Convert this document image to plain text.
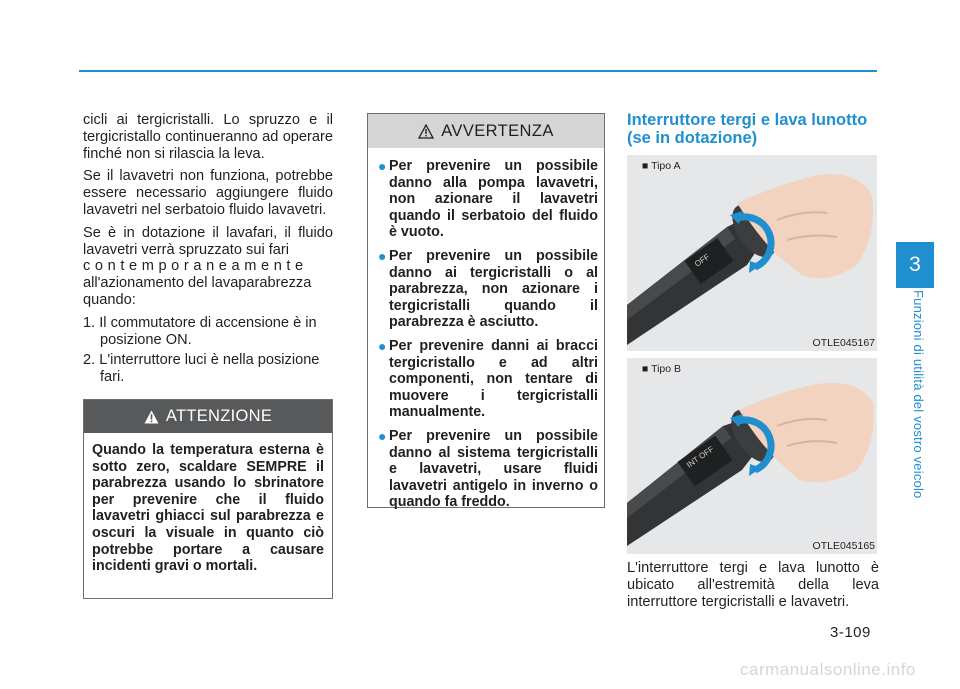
cicli ai tergicristalli. Lo spruzzo e il tergicristallo continueranno ad operare finché non si rilascia la leva.

Se il lavavetri non funziona, potrebbe essere necessario aggiungere fluido lavavetri nel serbatoio fluido lavavetri.

Se è in dotazione il lavafari, il fluido lavavetri verrà spruzzato sui fari

contemporaneamente

all'azionamento del lavaparabrezza quando:

1. Il commutatore di accensione è in posizione ON.
2. L'interruttore luci è nella posizione fari.
ATTENZIONE
Quando la temperatura esterna è sotto zero, scaldare SEMPRE il parabrezza usando lo sbrinatore per prevenire che il fluido lavavetri ghiacci sul parabrezza e oscuri la visuale in quanto ciò potrebbe portare a causare incidenti gravi o mortali.
AVVERTENZA
● Per prevenire un possibile danno alla pompa lavavetri, non azionare il lavavetri quando il serbatoio del fluido è vuoto.
● Per prevenire un possibile danno ai tergicristalli o al parabrezza, non azionare i tergicristalli quando il parabrezza è asciutto.
● Per prevenire danni ai bracci tergicristallo e ad altri componenti, non tentare di muovere i tergicristalli manualmente.
● Per prevenire un possibile danno al sistema tergicristalli e lavavetri, usare fluidi lavavetri antigelo in inverno o quando fa freddo.
Interruttore tergi e lava lunotto (se in dotazione)
OFF
■ Tipo A
OTLE045167
INT OFF
■ Tipo B
OTLE045165
L'interruttore tergi e lava lunotto è ubicato all'estremità della leva interruttore tergicristalli e lavavetri.
3
Funzioni di utilità del vostro veicolo
3-109
carmanualsonline.info
